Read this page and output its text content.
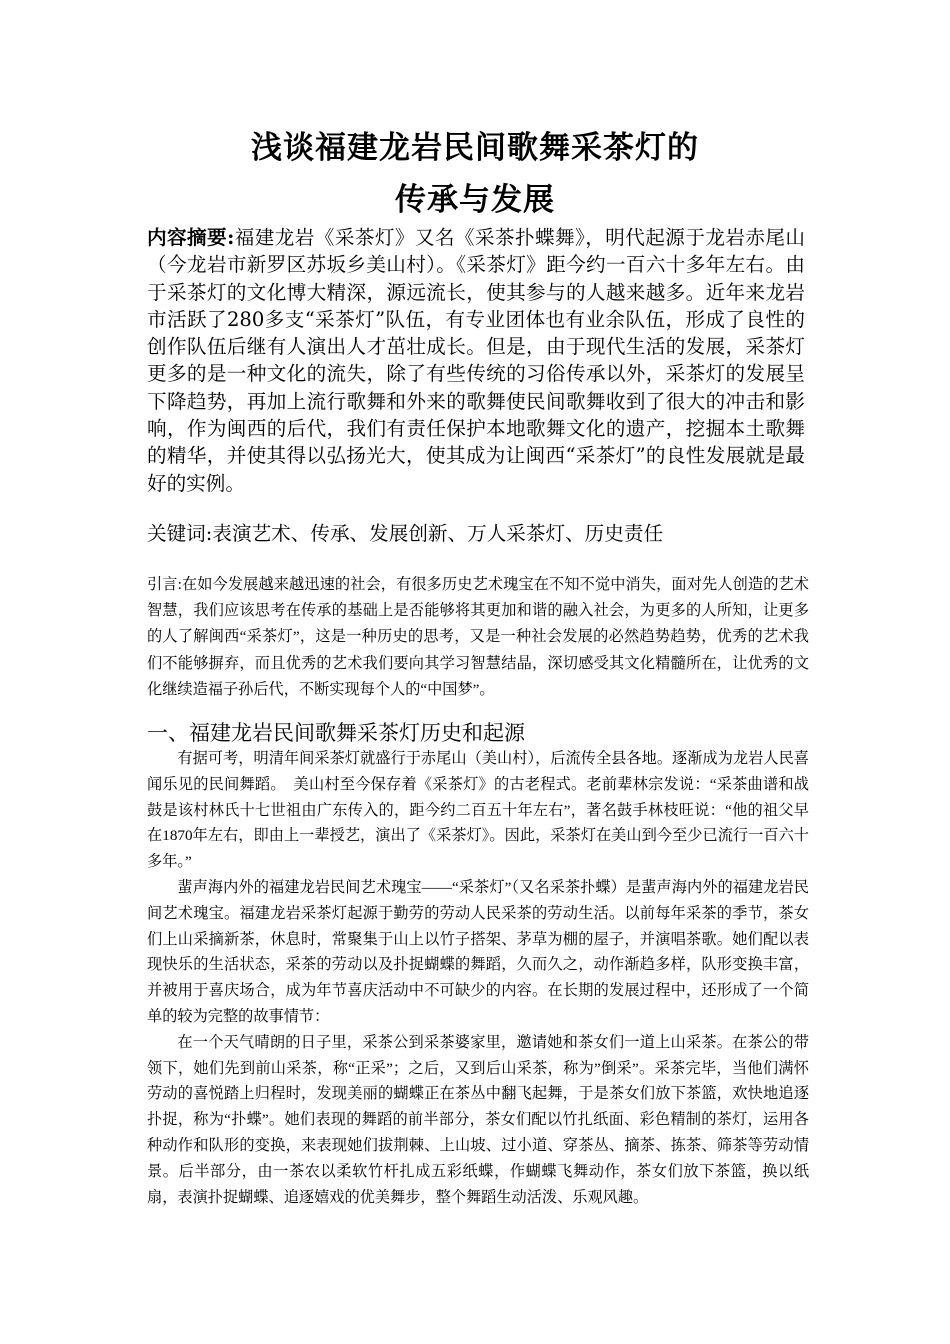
浅谈福建龙岩民间歌舞采茶灯的
传承与发展
内容摘要:福建龙岩《采茶灯》又名《采茶扑蝶舞》，明代起源于龙岩赤尾山（今龙岩市新罗区苏坂乡美山村）。《采茶灯》距今约一百六十多年左右。由于采茶灯的文化博大精深，源远流长，使其参与的人越来越多。近年来龙岩市活跃了280多支“采茶灯”队伍，有专业团体也有业余队伍，形成了良性的创作队伍后继有人演出人才茁壮成长。但是，由于现代生活的发展，采茶灯更多的是一种文化的流失，除了有些传统的习俗传承以外，采茶灯的发展呈下降趋势，再加上流行歌舞和外来的歌舞使民间歌舞收到了很大的冲击和影响，作为闽西的后代，我们有责任保护本地歌舞文化的遗产，挖掘本土歌舞的精华，并使其得以弘扬光大，使其成为让闽西“采茶灯”的良性发展就是最好的实例。
关键词:表演艺术、传承、发展创新、万人采茶灯、历史责任
引言:在如今发展越来越迅速的社会，有很多历史艺术瑰宝在不知不觉中消失，面对先人创造的艺术智慧，我们应该思考在传承的基础上是否能够将其更加和谐的融入社会，为更多的人所知，让更多的人了解闽西“采茶灯”，这是一种历史的思考，又是一种社会发展的必然趋势趋势，优秀的艺术我们不能够摒弃，而且优秀的艺术我们要向其学习智慧结晶，深切感受其文化精髓所在，让优秀的文化继续造福子孙后代，不断实现每个人的“中国梦”。
一、福建龙岩民间歌舞采茶灯历史和起源

有据可考，明清年间采茶灯就盛行于赤尾山（美山村），后流传全县各地。逐渐成为龙岩人民喜闻乐见的民间舞蹈。　美山村至今保存着《采茶灯》的古老程式。老前辈林宗发说：“采茶曲谱和战鼓是该村林氏十七世祖由广东传入的，距今约二百五十年左右”，著名鼓手林枝旺说：“他的祖父早在1870年左右，即由上一辈授艺，演出了《采茶灯》。因此，采茶灯在美山到今至少已流行一百六十多年。”

蜚声海内外的福建龙岩民间艺术瑰宝——“采茶灯”（又名采茶扑蝶）是蜚声海内外的福建龙岩民间艺术瑰宝。福建龙岩采茶灯起源于勤劳的劳动人民采茶的劳动生活。以前每年采茶的季节，茶女们上山采摘新茶，休息时，常聚集于山上以竹子搭架、茅草为棚的屋子，并演唱茶歌。她们配以表现快乐的生活状态，采茶的劳动以及扑捉蝴蝶的舞蹈，久而久之，动作渐趋多样，队形变换丰富，并被用于喜庆场合，成为年节喜庆活动中不可缺少的内容。在长期的发展过程中，还形成了一个简单的较为完整的故事情节：

在一个天气晴朗的日子里，采茶公到采茶婆家里，邀请她和茶女们一道上山采茶。在茶公的带领下，她们先到前山采茶，称“正采”；之后，又到后山采茶，称为”倒采”。采茶完毕，当他们满怀劳动的喜悦踏上归程时，发现美丽的蝴蝶正在茶丛中翻飞起舞，于是茶女们放下茶篮，欢快地追逐扑捉，称为“扑蝶”。她们表现的舞蹈的前半部分，茶女们配以竹扎纸面、彩色精制的茶灯，运用各种动作和队形的变换，来表现她们拔荆棘、上山坡、过小道、穿茶丛、摘茶、拣茶、筛茶等劳动情景。后半部分，由一茶农以柔软竹杆扎成五彩纸蝶，作蝴蝶飞舞动作，茶女们放下茶篮，换以纸扇，表演扑捉蝴蝶、追逐嬉戏的优美舞步，整个舞蹈生动活泼、乐观风趣。
